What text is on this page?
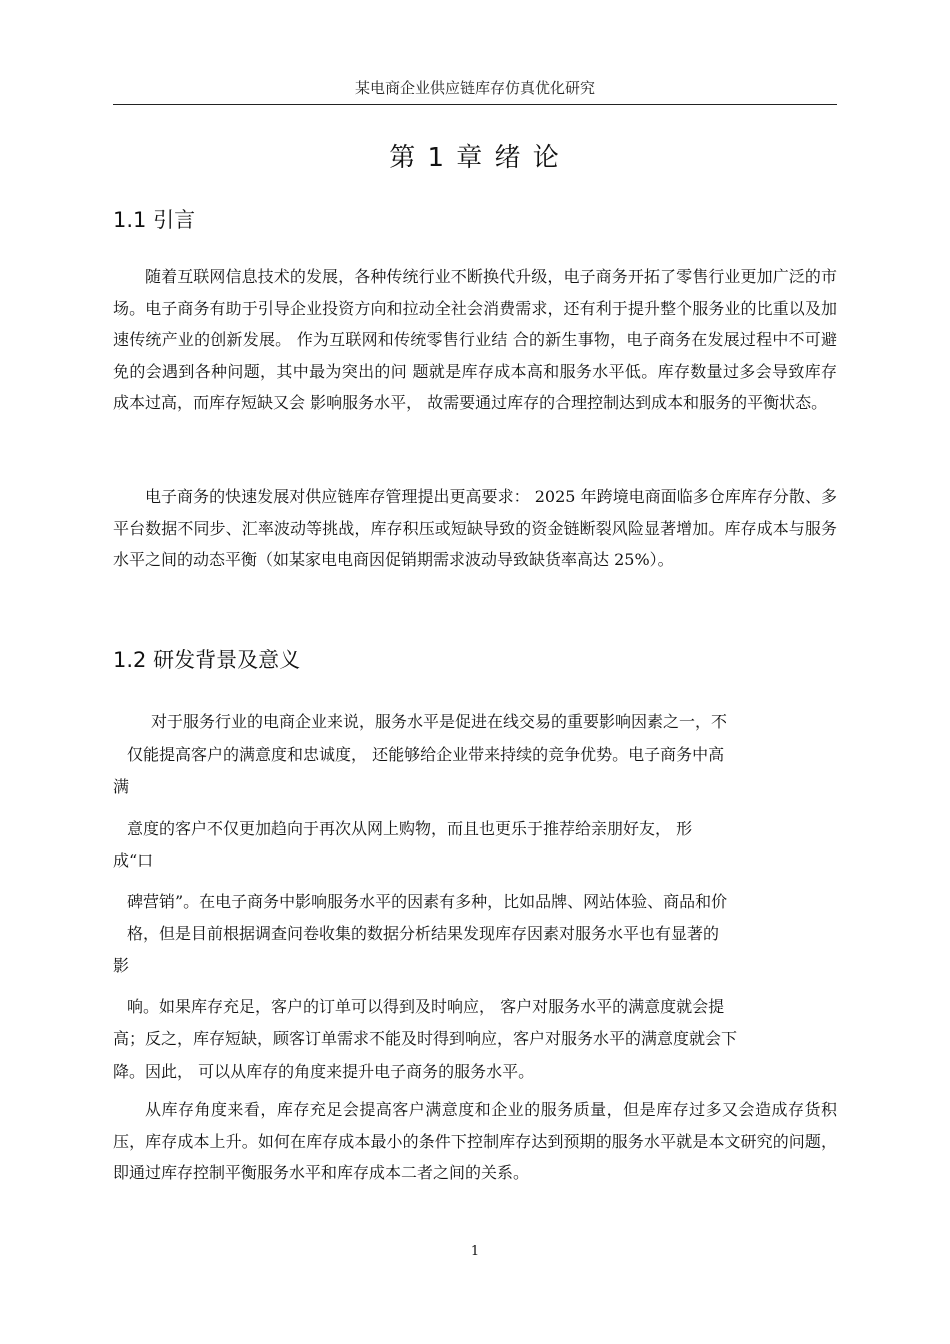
某电商企业供应链库存仿真优化研究
第 1 章 绪 论
1.1 引言

随着互联网信息技术的发展，各种传统行业不断换代升级，电子商务开拓了零售行业更加广泛的市场。电子商务有助于引导企业投资方向和拉动全社会消费需求，还有利于提升整个服务业的比重以及加速传统产业的创新发展。 作为互联网和传统零售行业结 合的新生事物，电子商务在发展过程中不可避免的会遇到各种问题，其中最为突出的问 题就是库存成本高和服务水平低。库存数量过多会导致库存成本过高，而库存短缺又会 影响服务水平， 故需要通过库存的合理控制达到成本和服务的平衡状态。

电子商务的快速发展对供应链库存管理提出更高要求： 2025 年跨境电商面临多仓库库存分散、多平台数据不同步、汇率波动等挑战，库存积压或短缺导致的资金链断裂风险显著增加。库存成本与服务水平之间的动态平衡（如某家电电商因促销期需求波动导致缺货率高达 25%）。

1.2 研发背景及意义
对于服务行业的电商企业来说，服务水平是促进在线交易的重要影响因素之一，不
仅能提高客户的满意度和忠诚度， 还能够给企业带来持续的竞争优势。电子商务中高
满
意度的客户不仅更加趋向于再次从网上购物，而且也更乐于推荐给亲朋好友， 形
成“口
碑营销”。在电子商务中影响服务水平的因素有多种，比如品牌、网站体验、商品和价
格，但是目前根据调查问卷收集的数据分析结果发现库存因素对服务水平也有显著的
影
响。如果库存充足，客户的订单可以得到及时响应， 客户对服务水平的满意度就会提
高；反之，库存短缺，顾客订单需求不能及时得到响应，客户对服务水平的满意度就会下
降。因此， 可以从库存的角度来提升电子商务的服务水平。

从库存角度来看，库存充足会提高客户满意度和企业的服务质量，但是库存过多又会造成存货积压，库存成本上升。如何在库存成本最小的条件下控制库存达到预期的服务水平就是本文研究的问题， 即通过库存控制平衡服务水平和库存成本二者之间的关系。

1
